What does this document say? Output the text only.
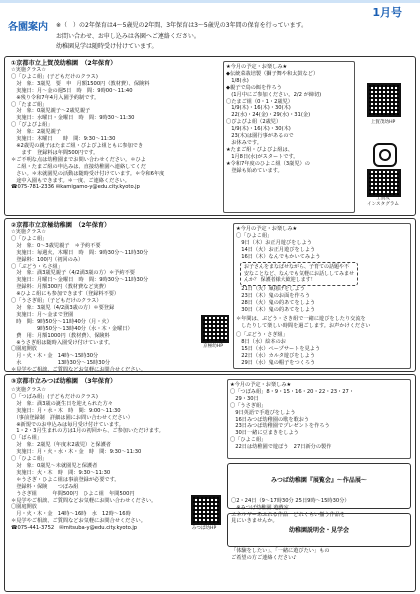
1月号
各園案内 ※（　）の2年保育は4～5歳児の2年間、3年保育は3～5歳児の3年間の保育を行っています。
お問い合わせ、お申し込みは各園へご連絡ください。
幼稚園見学は随時受け付けています。
①京都市立上賀茂幼稚園　（2年保育）
☆実施クラス☆
〇「ひよこ組」(子どもだけのクラス)
　対　象：3歳児　要　申　月額1500円（教材費）、保険料
　実施日：月～金の週5日　時　間：9時00～11:40
　※残り令和7年4月入園予約制です。
〇「たまご組」
　対　象：0歳児親子～2歳児親子
　実施日：水曜日・金曜日　時　間：9時30～11:30
〇「ぴよぴよ組」
　対　象：2歳児親子
　実施日：木曜日　　時　間：9:30～11:30
　※2歳児の親子はたまご組・ぴよぴよ組ともに参加でき
　　ます　登録料は年間500円です。
＊ご不明な点は幼稚園までお問い合わせください。＊ひよ
　こ組・たまご組の申込みは、直接幼稚園へ連絡してくだ
　さい。＊未就園児の活動は随時受け付けています。＊令和6年度
　途中入園もできます。＊一度、ご連絡ください。
☎075-781-2336 ✉kamigamo-y@edu.city.kyoto.jp
★今月の予定・お楽しみ★
◆伝統菜栽培製（獅子舞や和太鼓など）
　1/8(水)
◆親子で鳥の餌を作ろう
　(1月中にご参加ください。2/2 が締切)
〇たまご組（0・1・2歳児）
　1/9(木)・16(木)・30(木)
　22(水)・24(金)・29(水)・31(金)
〇ぴよぴよ組（2歳児）
　1/9(木)・16(木)・30(木)
　23(木)は園行事があるので
　お休みです。
★たまご組・ぴよぴよ組は、
　1月8日(水)がスタートです。
★令和7年度のひよこ組（3歳児）の
　登録も始めています。
上賀茂幼HP
上賀茂
インスタグラム
②京都市立京極幼稚園　（2年保育）
☆実施クラス☆
〇「ひよこ組」
　対　象：0～3歳児親子　＊予約不要
　実施日：毎週火、木曜日　時　間：9時30分～11時30分
　登録料：100円（初回のみ）
〇「ぶどう・ちさ組」
　対　象：満3歳児親子（4/2満3歳の方）＊予約不要
　実施日：月曜日～金曜日　時　間：9時30分～11時30分
　登録料：月額300円（教材費など実費）
　※ひよこ組にも参加できます（登録料不要）
〇「うさぎ組」（子どもだけのクラス）
　対　象：3歳児（4/2満3歳の方）＊要登録
　実施日：月～金まで登園
　時　間：9時50分～11時40分（月・火）
　　　　　9時50分～13時40分（水・木・金曜日）
　費　用：月額1000円（教材費）、保険料
　※うさぎ組は随時入園受け付けています。
〇園庭開放
　月・火・木・金　14時～15時30分
　水　　　　　　　13時30分～15時30分
＊見学やご相談、ご質問などお気軽にお問合せください。

京極幼HP
★今月の予定・お楽しみ★
〇「ひよこ組」
　9日（木）お正月遊びをしよう
　14日（火）お正月遊びをしよう
　16日（木）なんでもかいてみよう
お子さんをまなばせながら、子育ての話題や不
安なことなど、なんでも気軽にお話ししてみませ
んか？ 保護者様大歓迎します！
　21日（火）凧揚げをしよう
　23日（木）鬼のお面を作ろう
　28日（火）鬼の的あてをしよう
　30日（木）鬼の的あてをしよう
＊年間は、ぶどう・さき組で一緒に遊びをしたり交流を
　したりして楽しい時間を過ごします。お声かけください
〇「ぶどう・さぎ組」
　8日（水）絵本のお
　15日（水）ペープサートを見よう
　22日（水）カルタ遊びをしよう
　29日（水）鬼の帽子をつくろう
③京都市立みつば幼稚園　（3年保育）
☆実施クラス☆
〇「つばみ組」(子どもだけのクラス)
　対　象：満3歳の誕生日を迎えられた方々
　実施日：月・水・木　時　間：9:00～11:30
　（事前登録制　詳細は園にお問い合わせください）
　※新規でのお申込みは毎月受け付けています。
　1・2・3月生まれの方は1月の初回から、ご参加いただけます。
〇「ばら組」
　対　象：2歳児（年度末2歳児）と保護者
　実施日：月・火・水・木・金　時　間：9:30～11:30
〇「ひよこ組」
　対　象：0歳児～未就園児と保護者
　実施日：火・木　時　間：9:30～11:30
　＊うさぎ・ひよこ組は事前登録が必要です。
　登録料・保険　　つぼみ組
　うさぎ組　　　年間500円　ひよこ組　年間500円
＊見学やご相談、ご質問などお気軽にお問い合わせください。
〇園庭開放
　月・火・木・金　14時～16時　水　12時～16時
＊見学やご相談、ご質問などお気軽にお問合せください。
☎075-441-3752　✉mitsuba-y@edu.city.kyoto.jp	みつば幼HP
★今月の予定・お楽しみ★
〇「つぼみ組」8・9・15・16・20・22・23・27・
　29・30日
〇「うさぎ組」
　9日英語で手遊びをしよう
　16日みつば幼稚園の歌を歌おう
　23日みつば幼稚園でプレゼントを作ろう
　30日一緒に豆まきをしよう
〇「ひよこ組」
　22日は幼稚園で遊ぼう　27日新分の製作

みつば幼稚園『展覧会』～作品展～

〇2・24日（9～17時30分 25日9時～15時30分）
　※みつば幼稚園 遊戯室
エネルギーあふれる作品　どれくらい揃う作品を
見にいきませんか。

幼稚園説明会・見学会

「体験をしたい」、「一緒に遊びたい」もの
ご希望の方ご連絡ください♪
